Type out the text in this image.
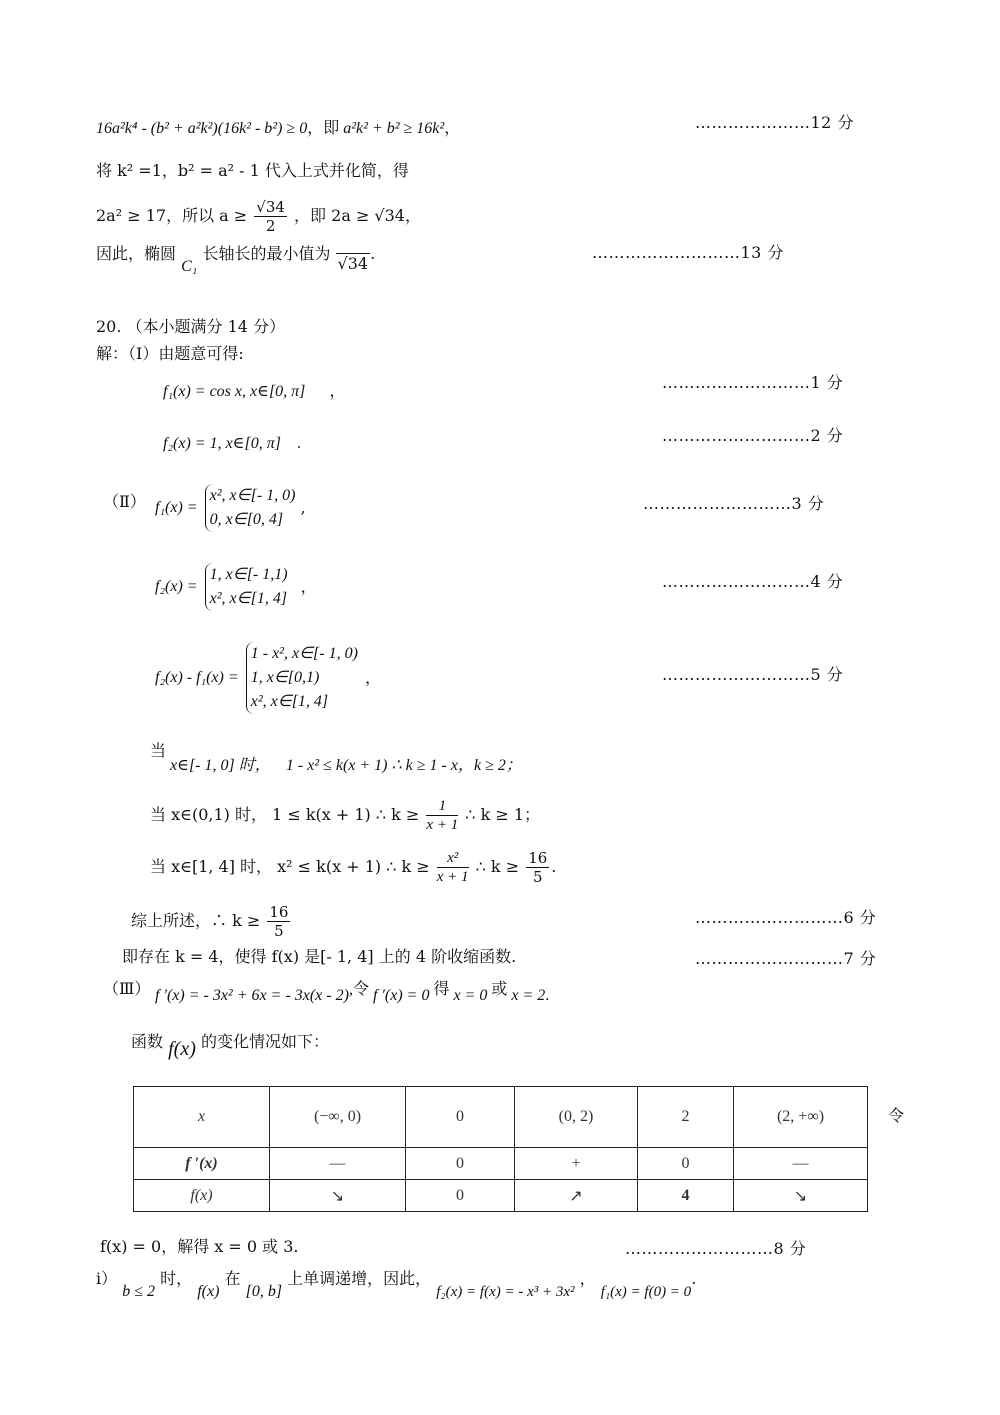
16a²k⁴ - (b² + a²k²)(16k² - b²) ≥ 0，即 a²k² + b² ≥ 16k²，	…………………12 分
将 k² =1，b² = a² - 1 代入上式并化简，得
2a² ≥ 17，所以 $a \ge \frac{√34}{2}$ ，即 2a ≥ √34，
因此，椭圆 C₁ 长轴长的最小值为 √34.	………………………13 分
20. （本小题满分 14 分）
解：（Ⅰ）由题意可得:
f₁(x) = cos x, x∈[0, π] ，	………………………1 分
f₂(x) = 1, x∈[0, π] .	………………………2 分
（Ⅱ） f₁(x) =
x², x∈[- 1, 0)
0, x∈[0, 4]
,	………………………3 分
f₂(x) =
1, x∈[- 1,1)
x², x∈[1, 4]
，	………………………4 分
f₂(x) - f₁(x) =
1 - x², x∈[- 1, 0)
1, x∈[0,1)
x², x∈[1, 4]
，	………………………5 分
当
x∈[- 1, 0] 时， 1 - x² ≤ k(x + 1) ∴ k ≥ 1 - x，k ≥ 2；
当 x∈(0,1) 时， 1 ≤ k(x + 1) ∴ $k \ge \frac{1}{x + 1}$ ∴ k ≥ 1；
当 x∈[1, 4] 时， x² ≤ k(x + 1) ∴ $k \ge \frac{\text{x²}}{x + 1}$ ∴ $k \ge \frac{16}{5}$ .
综上所述，∴ $k \ge \frac{16}{5}$	………………………6 分
即存在 k = 4，使得 f(x) 是[- 1, 4] 上的 4 阶收缩函数.	………………………7 分
（Ⅲ） f ′(x) = - 3x² + 6x = - 3x(x - 2),令 f ′(x) = 0 得 x = 0 或 x = 2.
函数 f(x) 的变化情况如下：
x	(−∞, 0)	0	(0, 2)	2	(2, +∞)
f ′(x)	—	0	+	0	—
f(x)	↘	0	↗	4	↘
令
f(x) = 0，解得 x = 0 或 3.	………………………8 分
i） b ≤ 2 时， f(x) 在 [0, b] 上单调递增，因此， f₂(x) = f(x) = - x³ + 3x² ， f₁(x) = f(0) = 0.
